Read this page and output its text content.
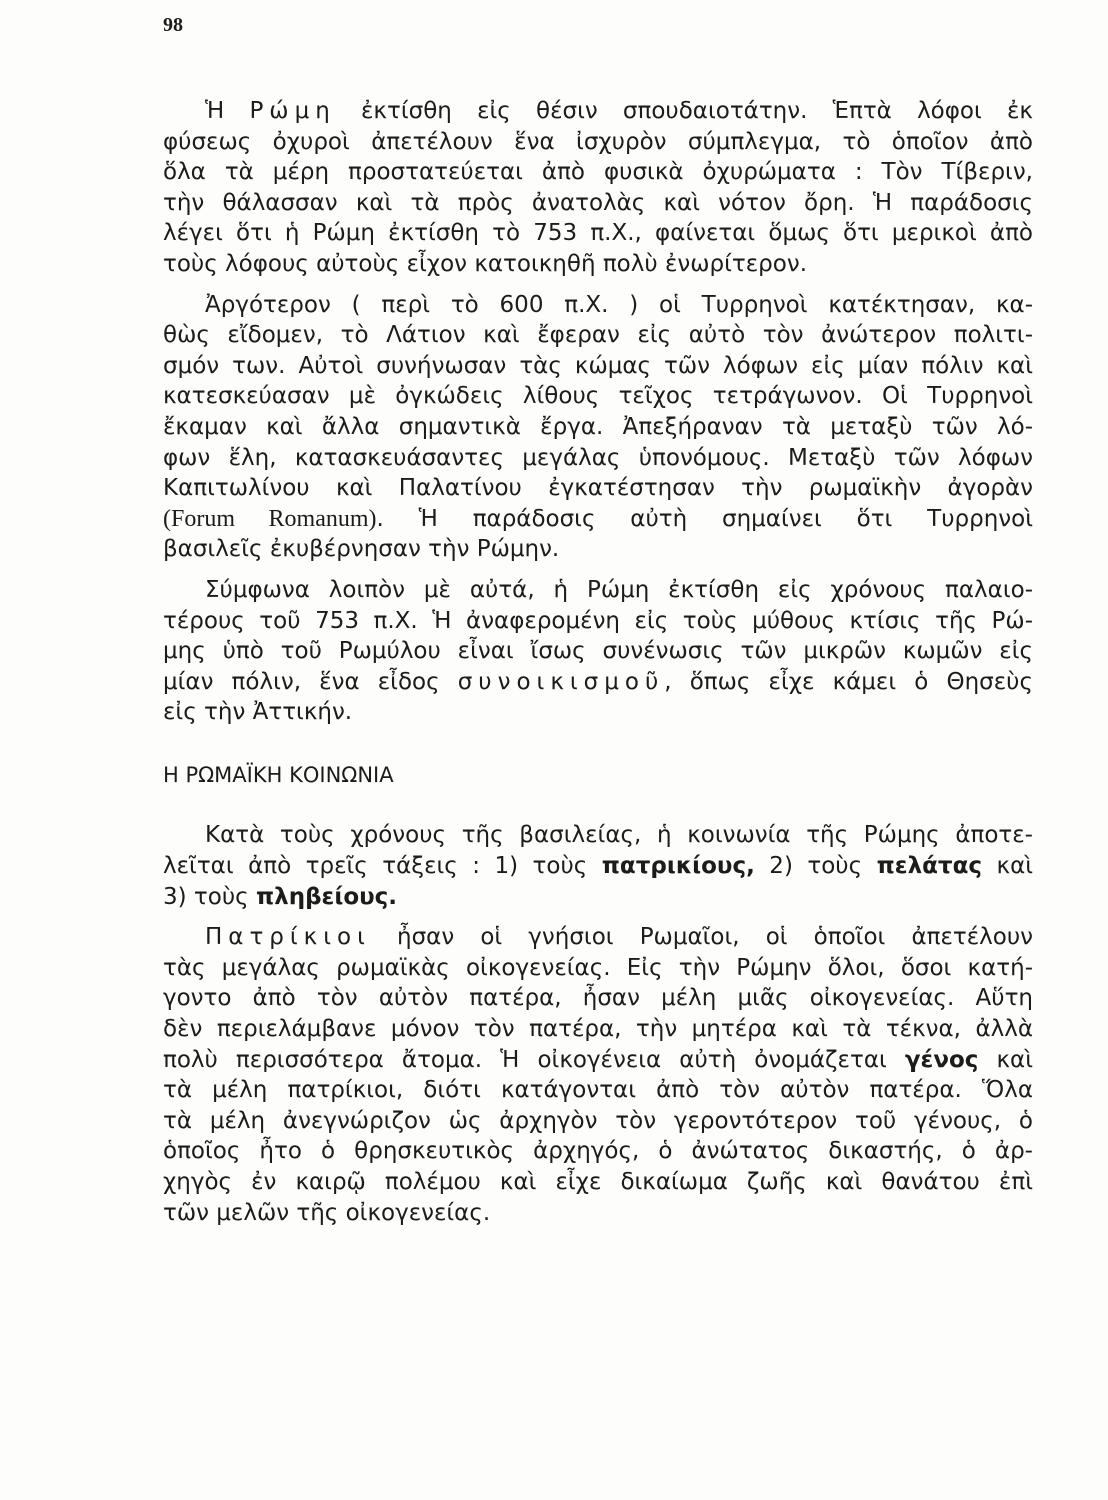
98
Ἡ Ρώμη ἐκτίσθη εἰς θέσιν σπουδαιοτάτην. Ἑπτὰ λόφοι ἐκ
φύσεως ὀχυροὶ ἀπετέλουν ἕνα ἰσχυρὸν σύμπλεγμα, τὸ ὁποῖον ἀπὸ
ὅλα τὰ μέρη προστατεύεται ἀπὸ φυσικὰ ὀχυρώματα : Τὸν Τίβεριν,
τὴν θάλασσαν καὶ τὰ πρὸς ἀνατολὰς καὶ νότον ὄρη. Ἡ παράδοσις
λέγει ὅτι ἡ Ρώμη ἐκτίσθη τὸ 753 π.Χ., φαίνεται ὅμως ὅτι μερικοὶ ἀπὸ
τοὺς λόφους αὐτοὺς εἶχον κατοικηθῆ πολὺ ἐνωρίτερον.
Ἀργότερον ( περὶ τὸ 600 π.Χ. ) οἱ Τυρρηνοὶ κατέκτησαν, κα-
θὼς εἴδομεν, τὸ Λάτιον καὶ ἔφεραν εἰς αὐτὸ τὸν ἀνώτερον πολιτι-
σμόν των. Αὐτοὶ συνήνωσαν τὰς κώμας τῶν λόφων εἰς μίαν πόλιν καὶ
κατεσκεύασαν μὲ ὀγκώδεις λίθους τεῖχος τετράγωνον. Οἱ Τυρρηνοὶ
ἔκαμαν καὶ ἄλλα σημαντικὰ ἔργα. Ἀπεξήραναν τὰ μεταξὺ τῶν λό-
φων ἕλη, κατασκευάσαντες μεγάλας ὑπονόμους. Μεταξὺ τῶν λόφων
Καπιτωλίνου καὶ Παλατίνου ἐγκατέστησαν τὴν ρωμαϊκὴν ἀγορὰν
(Forum Romanum). Ἡ παράδοσις αὐτὴ σημαίνει ὅτι Τυρρηνοὶ
βασιλεῖς ἐκυβέρνησαν τὴν Ρώμην.
Σύμφωνα λοιπὸν μὲ αὐτά, ἡ Ρώμη ἐκτίσθη εἰς χρόνους παλαιο-
τέρους τοῦ 753 π.Χ. Ἡ ἀναφερομένη εἰς τοὺς μύθους κτίσις τῆς Ρώ-
μης ὑπὸ τοῦ Ρωμύλου εἶναι ἴσως συνένωσις τῶν μικρῶν κωμῶν εἰς
μίαν πόλιν, ἕνα εἶδος συνοικισμοῦ, ὅπως εἶχε κάμει ὁ Θησεὺς
εἰς τὴν Ἀττικήν.
Η ΡΩΜΑΪΚΗ ΚΟΙΝΩΝΙΑ
Κατὰ τοὺς χρόνους τῆς βασιλείας, ἡ κοινωνία τῆς Ρώμης ἀποτε-
λεῖται ἀπὸ τρεῖς τάξεις : 1) τοὺς πατρικίους, 2) τοὺς πελάτας καὶ
3) τοὺς πληβείους.
Πατρίκιοι ἦσαν οἱ γνήσιοι Ρωμαῖοι, οἱ ὁποῖοι ἀπετέλουν
τὰς μεγάλας ρωμαϊκὰς οἰκογενείας. Εἰς τὴν Ρώμην ὅλοι, ὅσοι κατή-
γοντο ἀπὸ τὸν αὐτὸν πατέρα, ἦσαν μέλη μιᾶς οἰκογενείας. Αὕτη
δὲν περιελάμβανε μόνον τὸν πατέρα, τὴν μητέρα καὶ τὰ τέκνα, ἀλλὰ
πολὺ περισσότερα ἄτομα. Ἡ οἰκογένεια αὐτὴ ὀνομάζεται γένος καὶ
τὰ μέλη πατρίκιοι, διότι κατάγονται ἀπὸ τὸν αὐτὸν πατέρα. Ὅλα
τὰ μέλη ἀνεγνώριζον ὡς ἀρχηγὸν τὸν γεροντότερον τοῦ γένους, ὁ
ὁποῖος ἦτο ὁ θρησκευτικὸς ἀρχηγός, ὁ ἀνώτατος δικαστής, ὁ ἀρ-
χηγὸς ἐν καιρῷ πολέμου καὶ εἶχε δικαίωμα ζωῆς καὶ θανάτου ἐπὶ
τῶν μελῶν τῆς οἰκογενείας.
